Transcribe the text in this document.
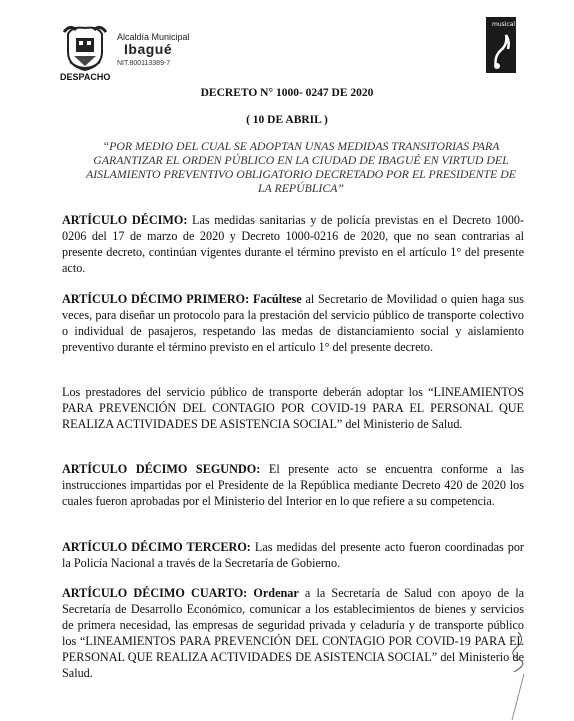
Alcaldía Municipal
Ibagué
NIT.800113389-7
DESPACHO
musical
DECRETO N° 1000- 0247 DE 2020
( 10 DE ABRIL )
“POR MEDIO DEL CUAL SE ADOPTAN UNAS MEDIDAS TRANSITORIAS PARA GARANTIZAR EL ORDEN PÚBLICO EN LA CIUDAD DE IBAGUÉ EN VIRTUD DEL AISLAMIENTO PREVENTIVO OBLIGATORIO DECRETADO POR EL PRESIDENTE DE LA REPÚBLICA”
ARTÍCULO DÉCIMO: Las medidas sanitarias y de policía previstas en el Decreto 1000-0206 del 17 de marzo de 2020 y Decreto 1000-0216 de 2020, que no sean contrarias al presente decreto, continúan vigentes durante el término previsto en el artículo 1° del presente acto.
ARTÍCULO DÉCIMO PRIMERO: Facúltese al Secretario de Movilidad o quien haga sus veces, para diseñar un protocolo para la prestación del servicio público de transporte colectivo o individual de pasajeros, respetando las medas de distanciamiento social y aislamiento preventivo durante el término previsto en el artículo 1° del presente decreto.
Los prestadores del servicio público de transporte deberán adoptar los “LINEAMIENTOS PARA PREVENCIÓN DEL CONTAGIO POR COVID-19 PARA EL PERSONAL QUE REALIZA ACTIVIDADES DE ASISTENCIA SOCIAL” del Ministerio de Salud.
ARTÍCULO DÉCIMO SEGUNDO: El presente acto se encuentra conforme a las instrucciones impartidas por el Presidente de la República mediante Decreto 420 de 2020 los cuales fueron aprobadas por el Ministerio del Interior en lo que refiere a su competencia.
ARTÍCULO DÉCIMO TERCERO: Las medidas del presente acto fueron coordinadas por la Policía Nacional a través de la Secretaría de Gobierno.
ARTÍCULO DÉCIMO CUARTO: Ordenar a la Secretaría de Salud con apoyo de la Secretaría de Desarrollo Económico, comunicar a los establecimientos de bienes y servicios de primera necesidad, las empresas de seguridad privada y celaduría y de transporte público los “LINEAMIENTOS PARA PREVENCIÓN DEL CONTAGIO POR COVID-19 PARA EL PERSONAL QUE REALIZA ACTIVIDADES DE ASISTENCIA SOCIAL” del Ministerio de Salud.
